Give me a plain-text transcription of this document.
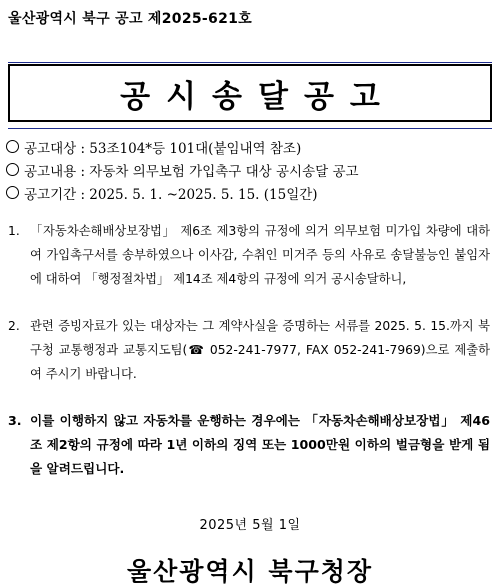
울산광역시 북구 공고 제2025-621호
공시송달공고
공고대상 : 53조104*등 101대(붙임내역 참조)
공고내용 : 자동차 의무보험 가입촉구 대상 공시송달 공고
공고기간 : 2025. 5. 1. ~2025. 5. 15. (15일간)
1. 「자동차손해배상보장법」 제6조 제3항의 규정에 의거 의무보험 미가입 차량에 대하여 가입촉구서를 송부하였으나 이사감, 수취인 미거주 등의 사유로 송달불능인 붙임자에 대하여 「행정절차법」 제14조 제4항의 규정에 의거 공시송달하니,
2. 관련 증빙자료가 있는 대상자는 그 계약사실을 증명하는 서류를 2025. 5. 15.까지 북구청 교통행정과 교통지도팀(☎ 052-241-7977, FAX 052-241-7969)으로 제출하여 주시기 바랍니다.
3. 이를 이행하지 않고 자동차를 운행하는 경우에는 「자동차손해배상보장법」 제46조 제2항의 규정에 따라 1년 이하의 징역 또는 1000만원 이하의 벌금형을 받게 됨을 알려드립니다.
2025년 5월 1일
울산광역시 북구청장
